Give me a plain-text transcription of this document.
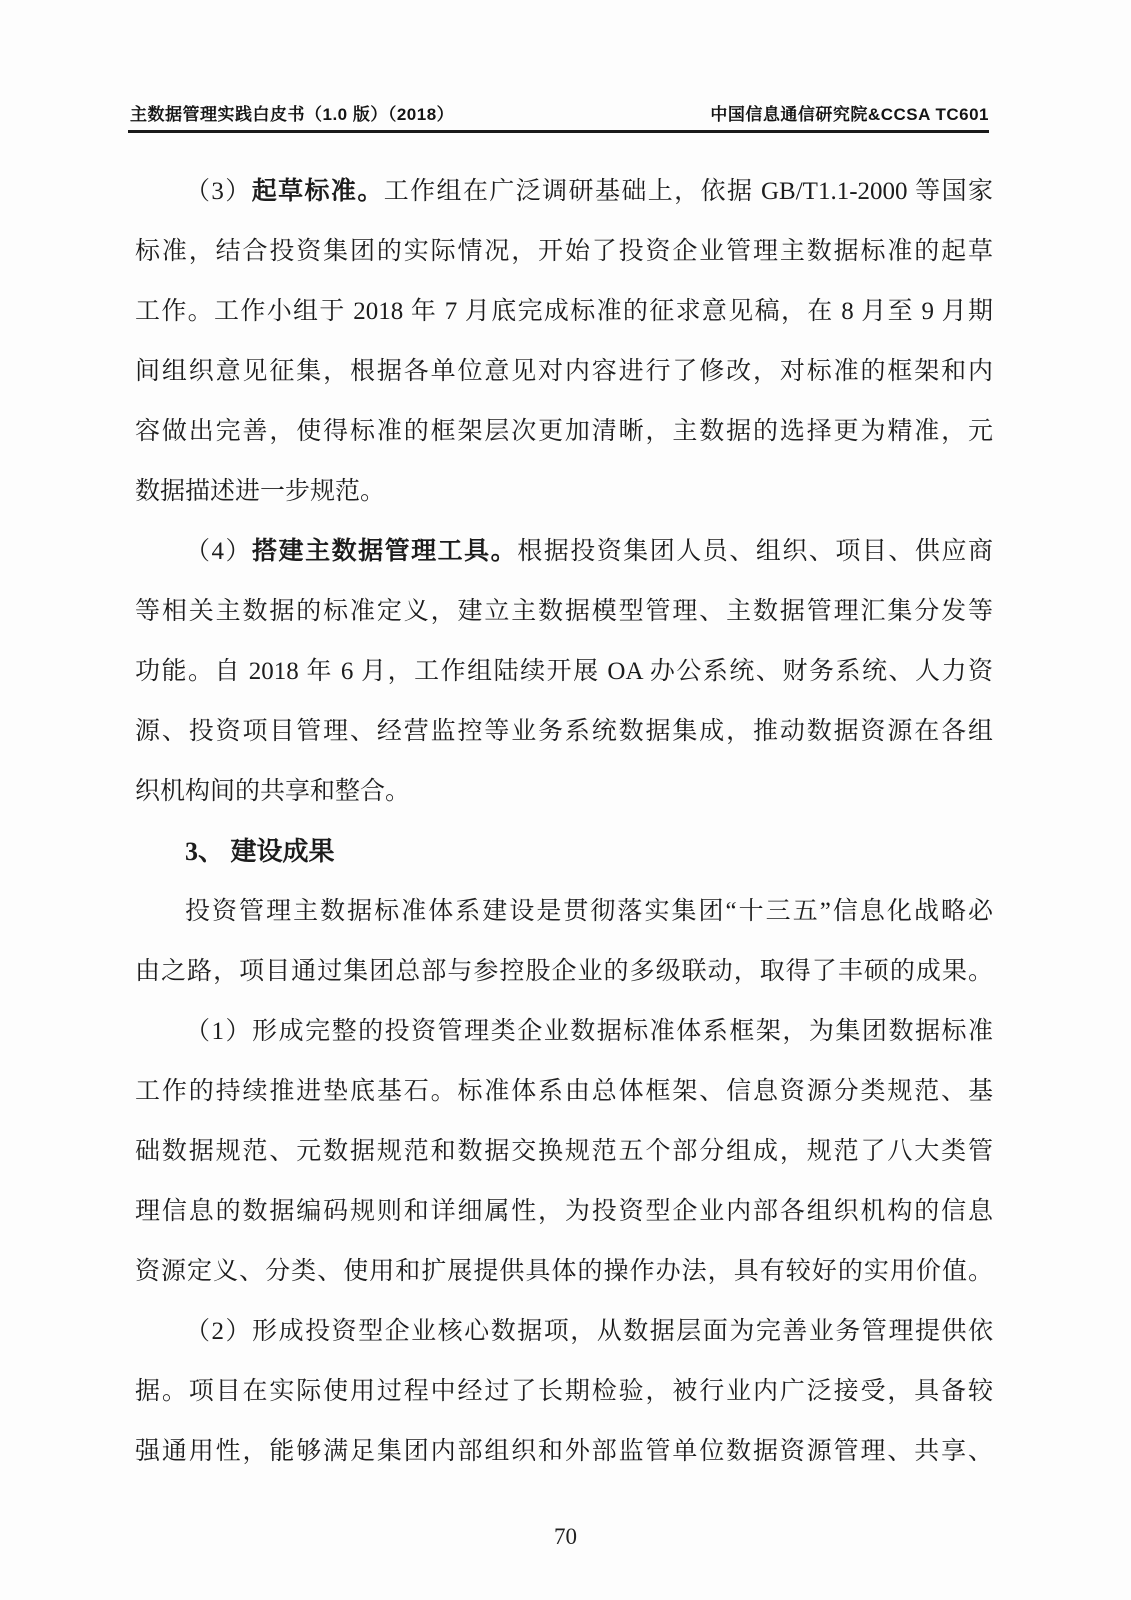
主数据管理实践白皮书（1.0 版）（2018）	中国信息通信研究院&CCSA TC601
（3）起草标准。工作组在广泛调研基础上，依据 GB/T1.1-2000 等国家
标准，结合投资集团的实际情况，开始了投资企业管理主数据标准的起草
工作。工作小组于 2018 年 7 月底完成标准的征求意见稿，在 8 月至 9 月期
间组织意见征集，根据各单位意见对内容进行了修改，对标准的框架和内
容做出完善，使得标准的框架层次更加清晰，主数据的选择更为精准，元
数据描述进一步规范。
（4）搭建主数据管理工具。根据投资集团人员、组织、项目、供应商
等相关主数据的标准定义，建立主数据模型管理、主数据管理汇集分发等
功能。自 2018 年 6 月，工作组陆续开展 OA 办公系统、财务系统、人力资
源、投资项目管理、经营监控等业务系统数据集成，推动数据资源在各组
织机构间的共享和整合。
3、 建设成果
投资管理主数据标准体系建设是贯彻落实集团“十三五”信息化战略必
由之路，项目通过集团总部与参控股企业的多级联动，取得了丰硕的成果。
（1）形成完整的投资管理类企业数据标准体系框架，为集团数据标准
工作的持续推进垫底基石。标准体系由总体框架、信息资源分类规范、基
础数据规范、元数据规范和数据交换规范五个部分组成，规范了八大类管
理信息的数据编码规则和详细属性，为投资型企业内部各组织机构的信息
资源定义、分类、使用和扩展提供具体的操作办法，具有较好的实用价值。
（2）形成投资型企业核心数据项，从数据层面为完善业务管理提供依
据。项目在实际使用过程中经过了长期检验，被行业内广泛接受，具备较
强通用性，能够满足集团内部组织和外部监管单位数据资源管理、共享、
70
